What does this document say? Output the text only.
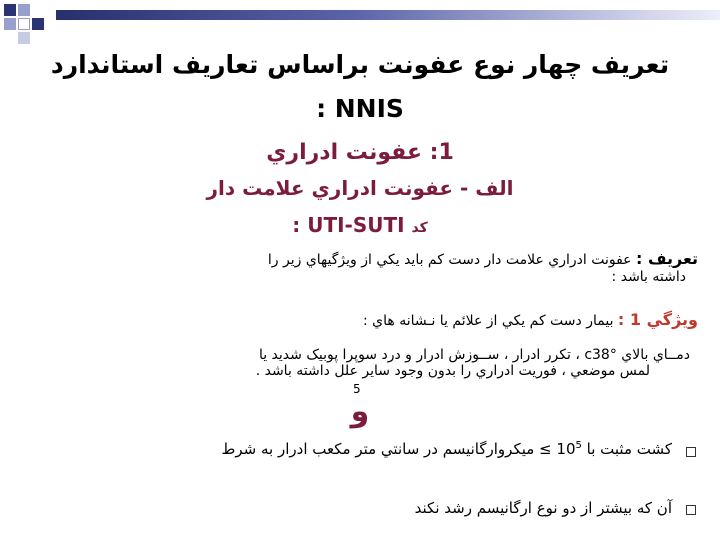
تعريف چهار نوع عفونت براساس تعاريف استاندارد
: NNIS
1: عفونت ادراري
الف - عفونت ادراري علامت دار
کد UTI-SUTI :
تعريف : عفونت ادراري علامت دار دست کم بايد يکي از ويژگيهاي زير را
داشته باشد :
ويژگي 1 : بيمار دست کم يکي از علائم يا نـشانه هاي :
دمــاي بالاي c38° ، تکرر ادرار ، ســوزش ادرار و درد سوپرا پوبيک شديد يا
لمس موضعي ، فوريت ادراري را بدون وجود ساير علل داشته باشد .
5
و
کشت مثبت با $10^5$ ≥ ميکروارگانيسم در سانتي متر مکعب ادرار به شرط
آن که بيشتر از دو نوع ارگانيسم رشد نکند
